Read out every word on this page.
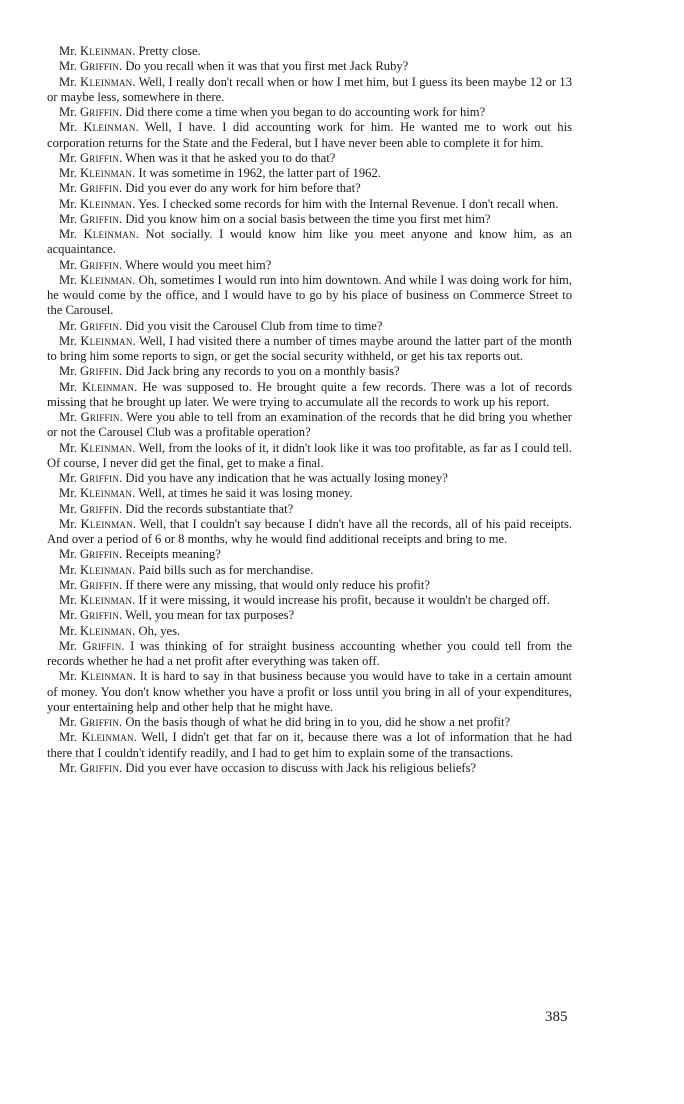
Mr. Kleinman. Pretty close.

Mr. Griffin. Do you recall when it was that you first met Jack Ruby?

Mr. Kleinman. Well, I really don't recall when or how I met him, but I guess its been maybe 12 or 13 or maybe less, somewhere in there.

Mr. Griffin. Did there come a time when you began to do accounting work for him?

Mr. Kleinman. Well, I have. I did accounting work for him. He wanted me to work out his corporation returns for the State and the Federal, but I have never been able to complete it for him.

Mr. Griffin. When was it that he asked you to do that?

Mr. Kleinman. It was sometime in 1962, the latter part of 1962.

Mr. Griffin. Did you ever do any work for him before that?

Mr. Kleinman. Yes. I checked some records for him with the Internal Revenue. I don't recall when.

Mr. Griffin. Did you know him on a social basis between the time you first met him?

Mr. Kleinman. Not socially. I would know him like you meet anyone and know him, as an acquaintance.

Mr. Griffin. Where would you meet him?

Mr. Kleinman. Oh, sometimes I would run into him downtown. And while I was doing work for him, he would come by the office, and I would have to go by his place of business on Commerce Street to the Carousel.

Mr. Griffin. Did you visit the Carousel Club from time to time?

Mr. Kleinman. Well, I had visited there a number of times maybe around the latter part of the month to bring him some reports to sign, or get the social security withheld, or get his tax reports out.

Mr. Griffin. Did Jack bring any records to you on a monthly basis?

Mr. Kleinman. He was supposed to. He brought quite a few records. There was a lot of records missing that he brought up later. We were trying to accumulate all the records to work up his report.

Mr. Griffin. Were you able to tell from an examination of the records that he did bring you whether or not the Carousel Club was a profitable operation?

Mr. Kleinman. Well, from the looks of it, it didn't look like it was too profitable, as far as I could tell. Of course, I never did get the final, get to make a final.

Mr. Griffin. Did you have any indication that he was actually losing money?

Mr. Kleinman. Well, at times he said it was losing money.

Mr. Griffin. Did the records substantiate that?

Mr. Kleinman. Well, that I couldn't say because I didn't have all the records, all of his paid receipts. And over a period of 6 or 8 months, why he would find additional receipts and bring to me.

Mr. Griffin. Receipts meaning?

Mr. Kleinman. Paid bills such as for merchandise.

Mr. Griffin. If there were any missing, that would only reduce his profit?

Mr. Kleinman. If it were missing, it would increase his profit, because it wouldn't be charged off.

Mr. Griffin. Well, you mean for tax purposes?

Mr. Kleinman. Oh, yes.

Mr. Griffin. I was thinking of for straight business accounting whether you could tell from the records whether he had a net profit after everything was taken off.

Mr. Kleinman. It is hard to say in that business because you would have to take in a certain amount of money. You don't know whether you have a profit or loss until you bring in all of your expenditures, your entertaining help and other help that he might have.

Mr. Griffin. On the basis though of what he did bring in to you, did he show a net profit?

Mr. Kleinman. Well, I didn't get that far on it, because there was a lot of information that he had there that I couldn't identify readily, and I had to get him to explain some of the transactions.

Mr. Griffin. Did you ever have occasion to discuss with Jack his religious beliefs?

385
